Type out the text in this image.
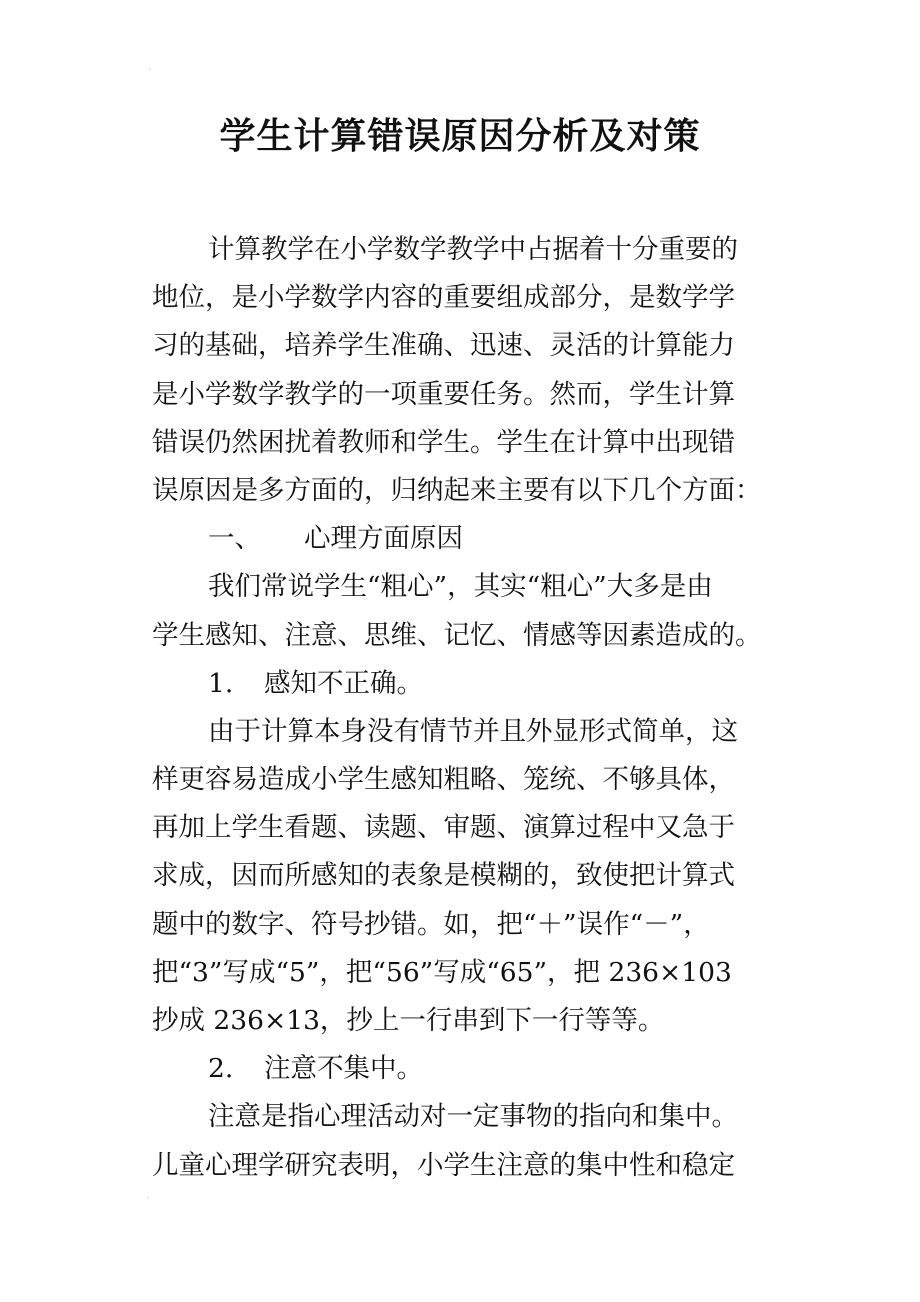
·
学生计算错误原因分析及对策
计算教学在小学数学教学中占据着十分重要的
地位，是小学数学内容的重要组成部分，是数学学
习的基础，培养学生准确、迅速、灵活的计算能力
是小学数学教学的一项重要任务。然而，学生计算
错误仍然困扰着教师和学生。学生在计算中出现错
误原因是多方面的，归纳起来主要有以下几个方面：
一、 心理方面原因
我们常说学生“粗心”，其实“粗心”大多是由
学生感知、注意、思维、记忆、情感等因素造成的。
1. 感知不正确。
由于计算本身没有情节并且外显形式简单，这
样更容易造成小学生感知粗略、笼统、不够具体，
再加上学生看题、读题、审题、演算过程中又急于
求成，因而所感知的表象是模糊的，致使把计算式
题中的数字、符号抄错。如，把“＋”误作“－”，
把“3”写成“5”，把“56”写成“65”，把 236×103
抄成 236×13，抄上一行串到下一行等等。
2. 注意不集中。
注意是指心理活动对一定事物的指向和集中。
儿童心理学研究表明，小学生注意的集中性和稳定
·
